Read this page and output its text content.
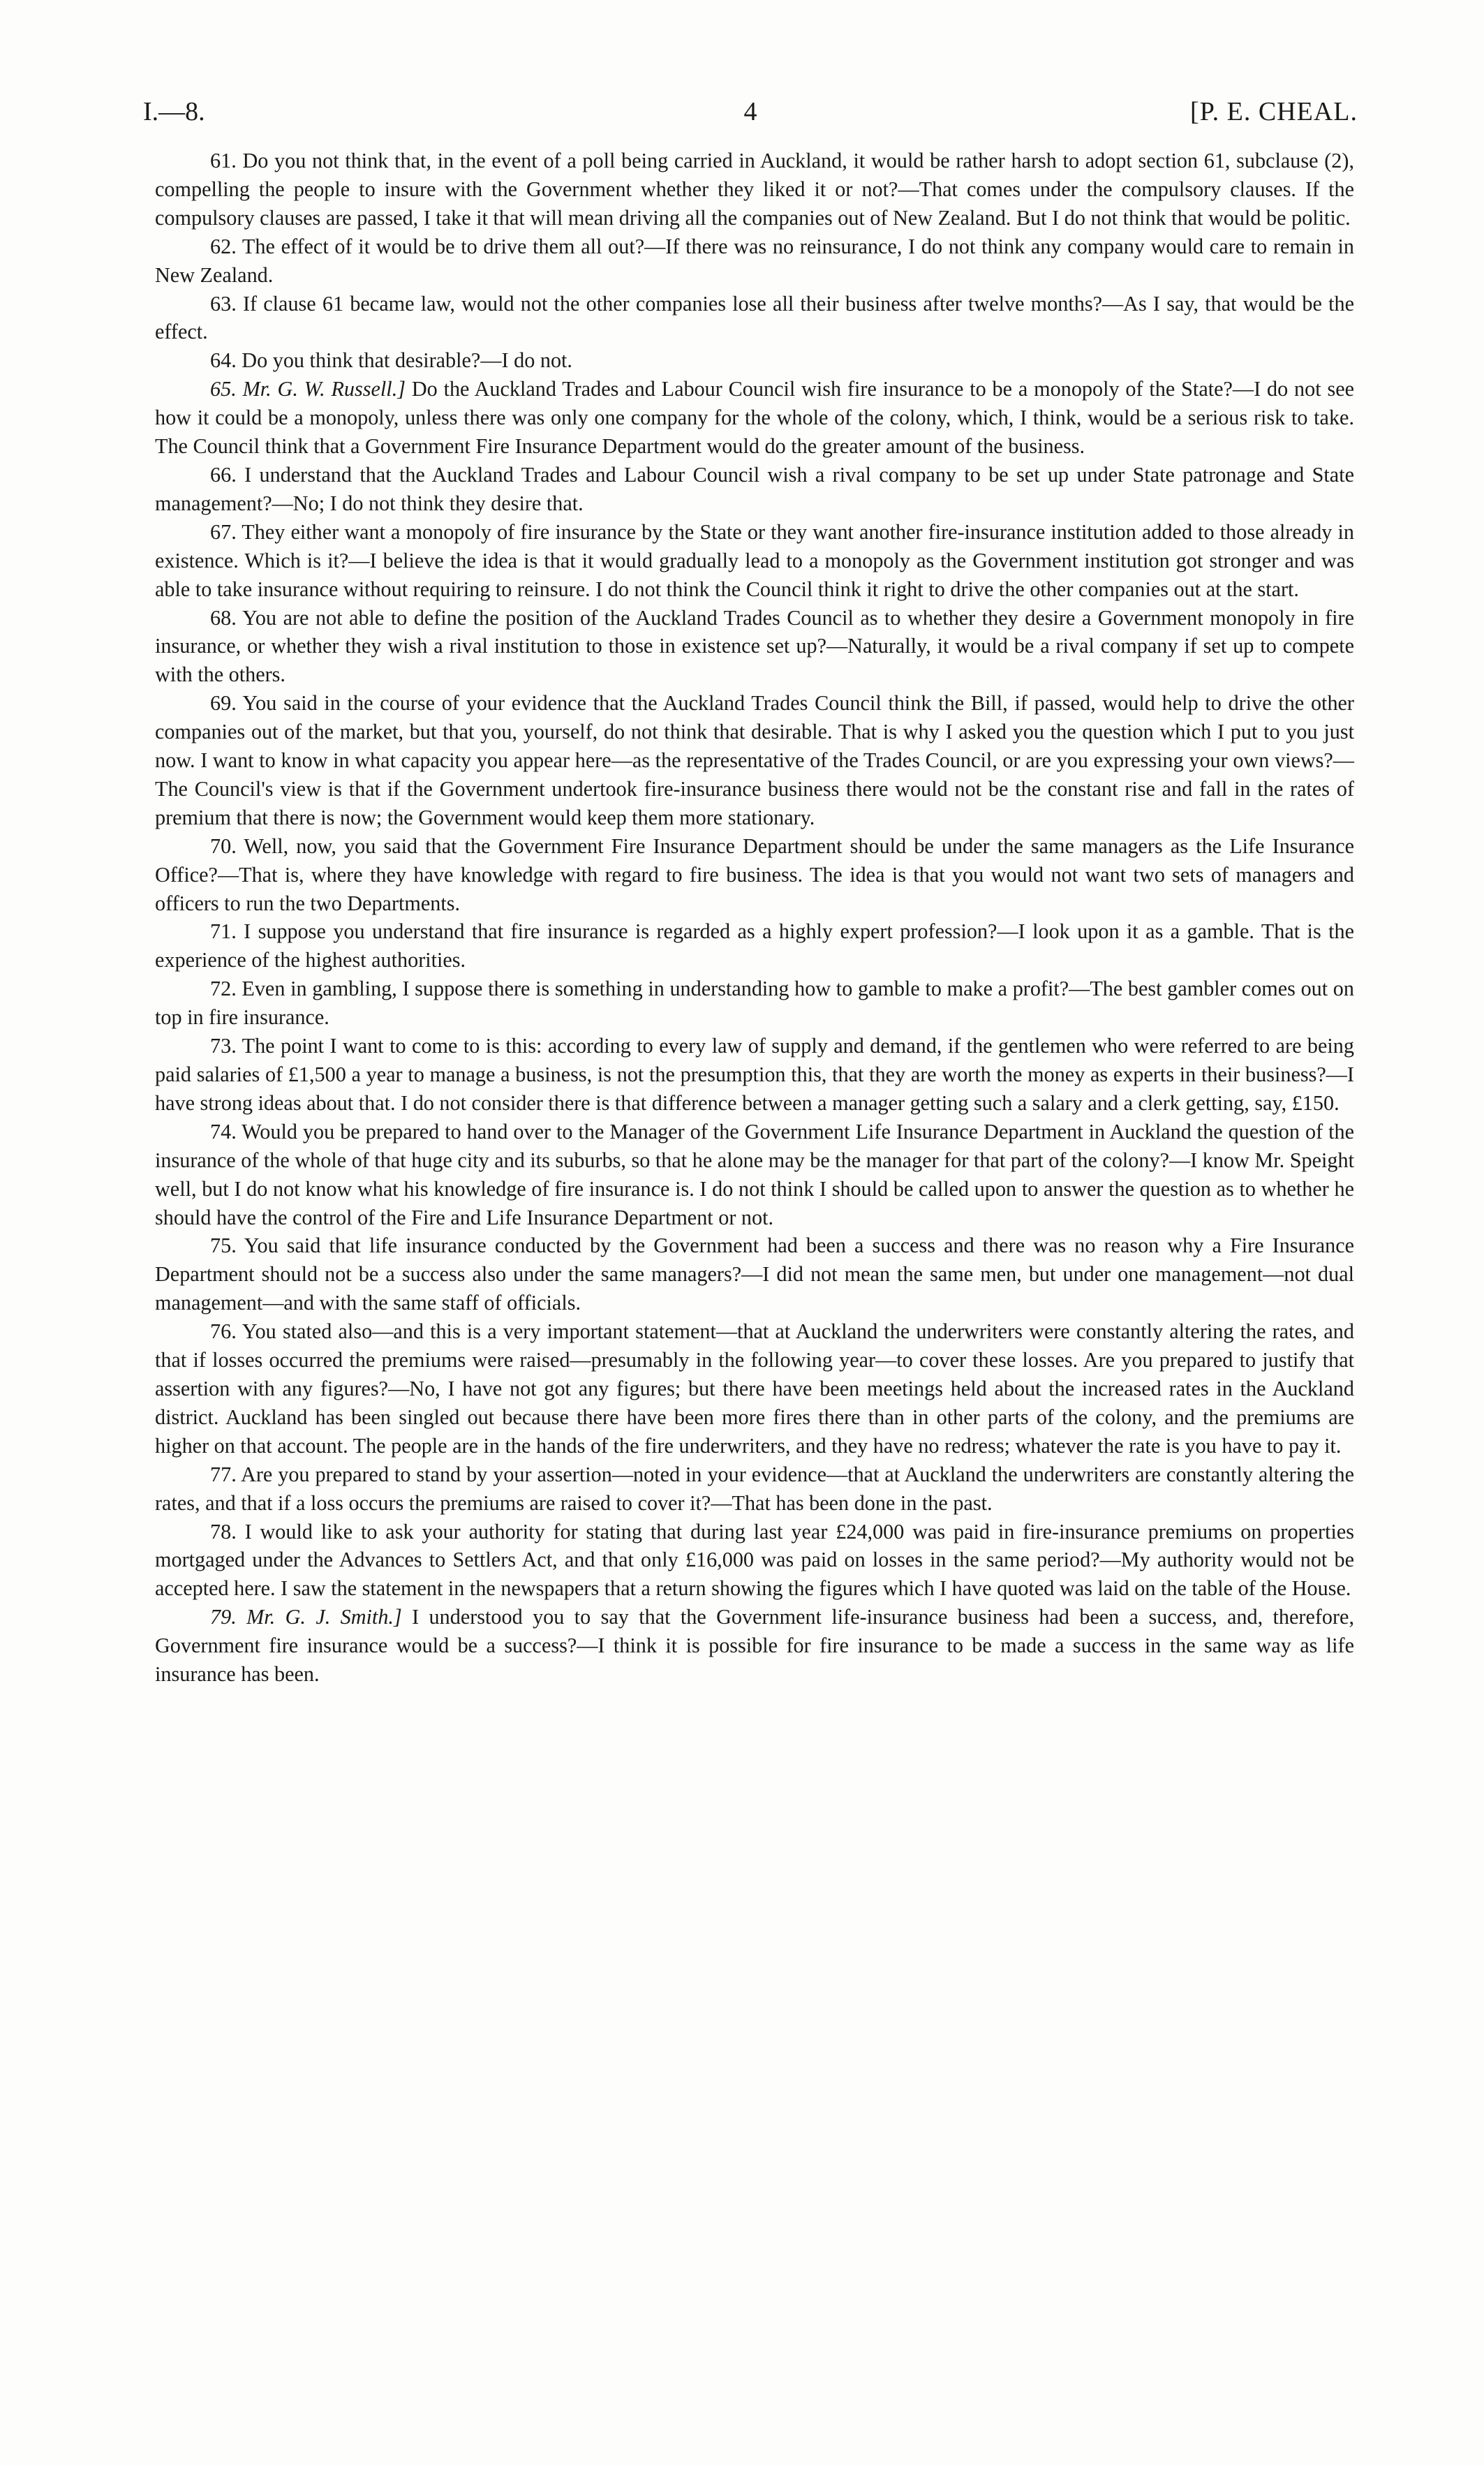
I.—8.	4	[P. E. CHEAL.

61. Do you not think that, in the event of a poll being carried in Auckland, it would be rather harsh to adopt section 61, subclause (2), compelling the people to insure with the Government whether they liked it or not?—That comes under the compulsory clauses. If the compulsory clauses are passed, I take it that will mean driving all the companies out of New Zealand. But I do not think that would be politic.

62. The effect of it would be to drive them all out?—If there was no reinsurance, I do not think any company would care to remain in New Zealand.

63. If clause 61 became law, would not the other companies lose all their business after twelve months?—As I say, that would be the effect.

64. Do you think that desirable?—I do not.

65. Mr. G. W. Russell.] Do the Auckland Trades and Labour Council wish fire insurance to be a monopoly of the State?—I do not see how it could be a monopoly, unless there was only one company for the whole of the colony, which, I think, would be a serious risk to take. The Council think that a Government Fire Insurance Department would do the greater amount of the business.

66. I understand that the Auckland Trades and Labour Council wish a rival company to be set up under State patronage and State management?—No; I do not think they desire that.

67. They either want a monopoly of fire insurance by the State or they want another fire-insurance institution added to those already in existence. Which is it?—I believe the idea is that it would gradually lead to a monopoly as the Government institution got stronger and was able to take insurance without requiring to reinsure. I do not think the Council think it right to drive the other companies out at the start.

68. You are not able to define the position of the Auckland Trades Council as to whether they desire a Government monopoly in fire insurance, or whether they wish a rival institution to those in existence set up?—Naturally, it would be a rival company if set up to compete with the others.

69. You said in the course of your evidence that the Auckland Trades Council think the Bill, if passed, would help to drive the other companies out of the market, but that you, yourself, do not think that desirable. That is why I asked you the question which I put to you just now. I want to know in what capacity you appear here—as the representative of the Trades Council, or are you expressing your own views?—The Council's view is that if the Government undertook fire-insurance business there would not be the constant rise and fall in the rates of premium that there is now; the Government would keep them more stationary.

70. Well, now, you said that the Government Fire Insurance Department should be under the same managers as the Life Insurance Office?—That is, where they have knowledge with regard to fire business. The idea is that you would not want two sets of managers and officers to run the two Departments.

71. I suppose you understand that fire insurance is regarded as a highly expert profession?—I look upon it as a gamble. That is the experience of the highest authorities.

72. Even in gambling, I suppose there is something in understanding how to gamble to make a profit?—The best gambler comes out on top in fire insurance.

73. The point I want to come to is this: according to every law of supply and demand, if the gentlemen who were referred to are being paid salaries of £1,500 a year to manage a business, is not the presumption this, that they are worth the money as experts in their business?—I have strong ideas about that. I do not consider there is that difference between a manager getting such a salary and a clerk getting, say, £150.

74. Would you be prepared to hand over to the Manager of the Government Life Insurance Department in Auckland the question of the insurance of the whole of that huge city and its suburbs, so that he alone may be the manager for that part of the colony?—I know Mr. Speight well, but I do not know what his knowledge of fire insurance is. I do not think I should be called upon to answer the question as to whether he should have the control of the Fire and Life Insurance Department or not.

75. You said that life insurance conducted by the Government had been a success and there was no reason why a Fire Insurance Department should not be a success also under the same managers?—I did not mean the same men, but under one management—not dual management—and with the same staff of officials.

76. You stated also—and this is a very important statement—that at Auckland the underwriters were constantly altering the rates, and that if losses occurred the premiums were raised—presumably in the following year—to cover these losses. Are you prepared to justify that assertion with any figures?—No, I have not got any figures; but there have been meetings held about the increased rates in the Auckland district. Auckland has been singled out because there have been more fires there than in other parts of the colony, and the premiums are higher on that account. The people are in the hands of the fire underwriters, and they have no redress; whatever the rate is you have to pay it.

77. Are you prepared to stand by your assertion—noted in your evidence—that at Auckland the underwriters are constantly altering the rates, and that if a loss occurs the premiums are raised to cover it?—That has been done in the past.

78. I would like to ask your authority for stating that during last year £24,000 was paid in fire-insurance premiums on properties mortgaged under the Advances to Settlers Act, and that only £16,000 was paid on losses in the same period?—My authority would not be accepted here. I saw the statement in the newspapers that a return showing the figures which I have quoted was laid on the table of the House.

79. Mr. G. J. Smith.] I understood you to say that the Government life-insurance business had been a success, and, therefore, Government fire insurance would be a success?—I think it is possible for fire insurance to be made a success in the same way as life insurance has been.
